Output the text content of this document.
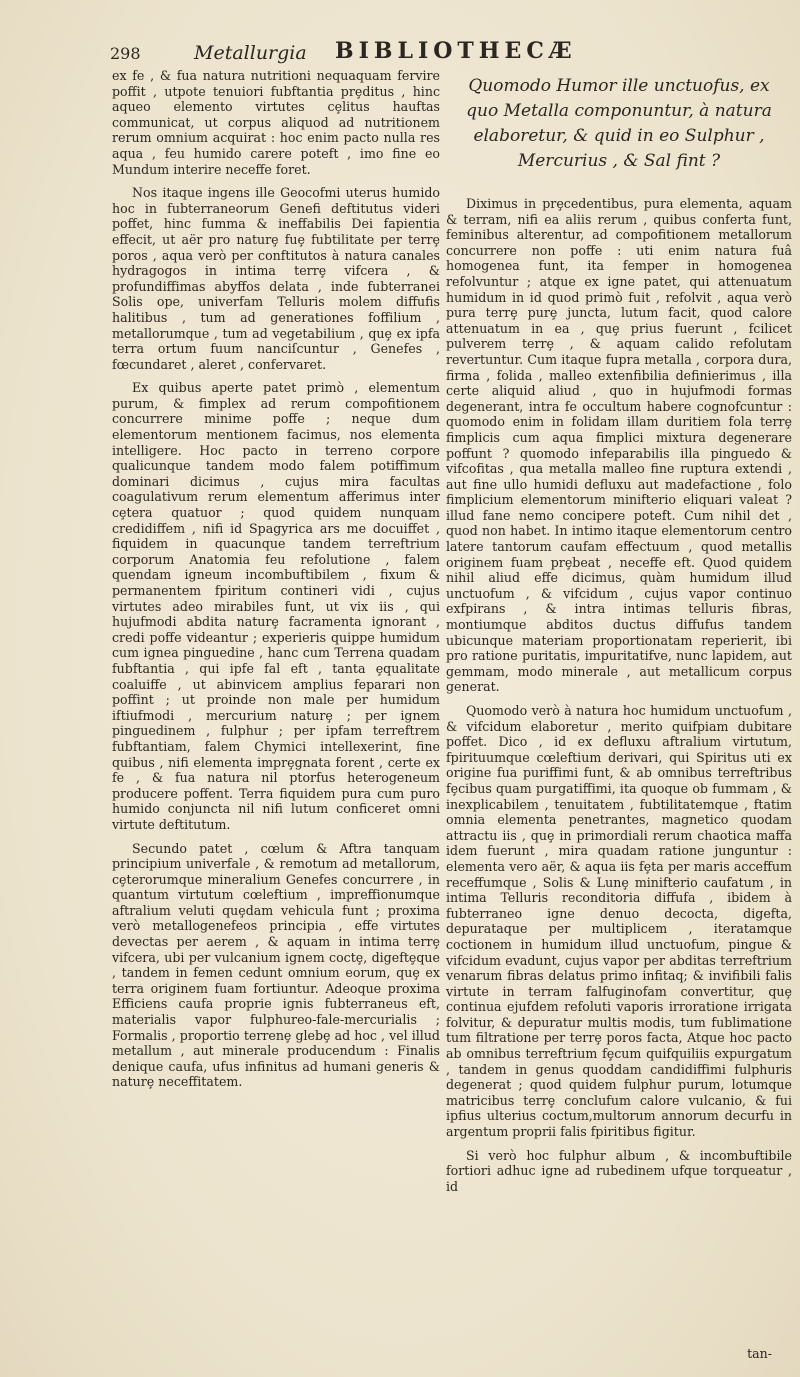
298	Metallurgia BIBLIOTHECÆ

ex fe , & fua natura nutritioni nequaquam fervire poffit , utpote tenuiori fubftantia prȩditus , hinc aqueo elemento virtutes cȩlitus hauftas communicat, ut corpus aliquod ad nutritionem rerum omnium acquirat : hoc enim pacto nulla res aqua , feu humido carere poteft , imo fine eo Mundum interire neceffe foret.

Nos itaque ingens ille Geocofmi uterus humido hoc in fubterraneorum Genefi deftitutus videri poffet, hinc fumma & ineffabilis Dei fapientia effecit, ut aër pro naturȩ fuȩ fubtilitate per terrȩ poros , aqua verò per conftitutos à natura canales hydragogos in intima terrȩ vifcera , & profundiffimas abyffos delata , inde fubterranei Solis ope, univerfam Telluris molem diffufis halitibus , tum ad generationes foffilium , metallorumque , tum ad vegetabilium , quȩ ex ipfa terra ortum fuum nanciſcuntur , Genefes , fœcundaret , aleret , confervaret.

Ex quibus aperte patet primò , elementum purum, & fimplex ad rerum compofitionem concurrere minime poffe ; neque dum elementorum mentionem facimus, nos elementa intelligere. Hoc pacto in terreno corpore qualicunque tandem modo falem potiffimum dominari dicimus , cujus mira facultas coagulativum rerum elementum afferimus inter cȩtera quatuor ; quod quidem nunquam credidiffem , nifi id Spagyrica ars me docuiffet , fiquidem in quacunque tandem terreftrium corporum Anatomia feu refolutione , falem quendam igneum incombuftibilem , fixum & permanentem fpiritum contineri vidi , cujus virtutes adeo mirabiles funt, ut vix iis , qui hujufmodi abdita naturȩ facramenta ignorant , credi poffe videantur ; experieris quippe humidum cum ignea pinguedine , hanc cum Terrena quadam fubftantia , qui ipfe fal eft , tanta ȩqualitate coaluiffe , ut abinvicem amplius feparari non poffint ; ut proinde non male per humidum iftiufmodi , mercurium naturȩ ; per ignem pinguedinem , fulphur ; per ipfam terreftrem fubftantiam, falem Chymici intellexerint, fine quibus , nifi elementa imprȩgnata forent , certe ex fe , & fua natura nil ptorfus heterogeneum producere poffent. Terra fiquidem pura cum puro humido conjuncta nil nifi lutum conficeret omni virtute deftitutum.

Secundo patet , cœlum & Aftra tanquam principium univerfale , & remotum ad metallorum, cȩterorumque mineralium Genefes concurrere , in quantum virtutum cœleftium , impreffionumque aftralium veluti quȩdam vehicula funt ; proxima verò metallogenefeos principia , effe virtutes devectas per aerem , & aquam in intima terrȩ vifcera, ubi per vulcanium ignem coctȩ, digeftȩque , tandem in femen cedunt omnium eorum, quȩ ex terra originem fuam fortiuntur. Adeoque proxima Efficiens caufa proprie ignis fubterraneus eft, materialis vapor fulphureo-fale-mercurialis ; Formalis , proportio terrenȩ glebȩ ad hoc , vel illud metallum , aut minerale producendum : Finalis denique caufa, ufus infinitus ad humani generis & naturȩ neceffitatem.

Quomodo Humor ille unctuofus, ex quo Metalla componuntur, à natura elaboretur, & quid in eo Sulphur , Mercurius , & Sal fint ?

Diximus in prȩcedentibus, pura elementa, aquam & terram, nifi ea aliis rerum , quibus conferta funt, feminibus alterentur, ad compofitionem metallorum concurrere non poffe : uti enim natura fuâ homogenea funt, ita femper in homogenea refolvuntur ; atque ex igne patet, qui attenuatum humidum in id quod primò fuit , refolvit , aqua verò pura terrȩ purȩ juncta, lutum facit, quod calore attenuatum in ea , quȩ prius fuerunt , fcilicet pulverem terrȩ , & aquam calido refolutam revertuntur. Cum itaque fupra metalla , corpora dura, firma , folida , malleo extenfibilia definierimus , illa certe aliquid aliud , quo in hujufmodi formas degenerant, intra fe occultum habere cognofcuntur : quomodo enim in folidam illam duritiem fola terrȩ fimplicis cum aqua fimplici mixtura degenerare poffunt ? quomodo infeparabilis illa pinguedo & vifcofitas , qua metalla malleo fine ruptura extendi , aut fine ullo humidi defluxu aut madefactione , folo fimplicium elementorum minifterio eliquari valeat ? illud fane nemo concipere poteft. Cum nihil det , quod non habet. In intimo itaque elementorum centro latere tantorum caufam effectuum , quod metallis originem fuam prȩbeat , neceffe eft. Quod quidem nihil aliud effe dicimus, quàm humidum illud unctuofum , & vifcidum , cujus vapor continuo exfpirans , & intra intimas telluris fibras, montiumque abditos ductus diffufus tandem ubicunque materiam proportionatam reperierit, ibi pro ratione puritatis, impuritatifve, nunc lapidem, aut gemmam, modo minerale , aut metallicum corpus generat.

Quomodo verò à natura hoc humidum unctuofum , & vifcidum elaboretur , merito quifpiam dubitare poffet. Dico , id ex defluxu aftralium virtutum, fpirituumque cœleftium derivari, qui Spiritus uti ex origine fua puriffimi funt, & ab omnibus terreftribus fȩcibus quam purgatiffimi, ita quoque ob fummam , & inexplicabilem , tenuitatem , fubtilitatemque , ftatim omnia elementa penetrantes, magnetico quodam attractu iis , quȩ in primordiali rerum chaotica maffa idem fuerunt , mira quadam ratione junguntur : elementa vero aër, & aqua iis fȩta per maris acceffum receffumque , Solis & Lunȩ minifterio caufatum , in intima Telluris reconditoria diffufa , ibidem à fubterraneo igne denuo decocta, digefta, depurataque per multiplicem , iteratamque coctionem in humidum illud unctuofum, pingue & vifcidum evadunt, cujus vapor per abditas terreftrium venarum fibras delatus primo infitaq; & invifibili falis virtute in terram falfuginofam convertitur, quȩ continua ejufdem refoluti vaporis irroratione irrigata folvitur, & depuratur multis modis, tum fublimatione tum filtratione per terrȩ poros facta, Atque hoc pacto ab omnibus terreftrium fȩcum quifquiliis expurgatum , tandem in genus quoddam candidiffimi fulphuris degenerat ; quod quidem fulphur purum, lotumque matricibus terrȩ conclufum calore vulcanio, & fui ipfius ulterius coctum,multorum annorum decurfu in argentum proprii falis fpiritibus figitur.

Si verò hoc fulphur album , & incombuftibile fortiori adhuc igne ad rubedinem ufque torqueatur , id

tan-
